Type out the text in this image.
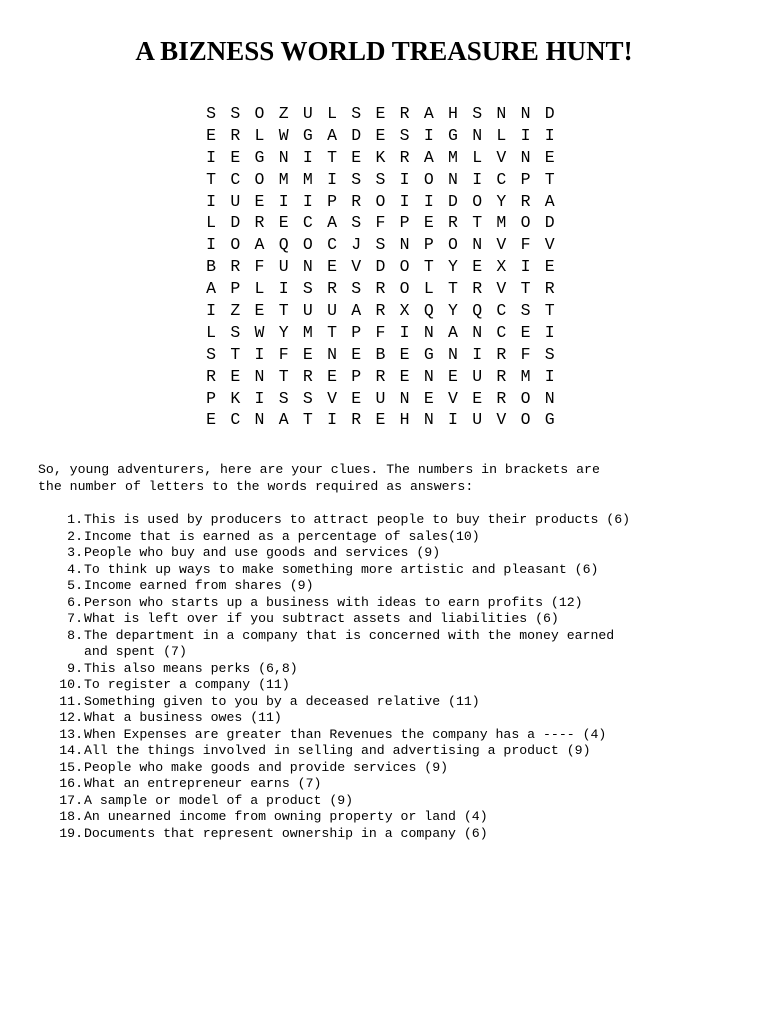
A BIZNESS WORLD TREASURE HUNT!
S S O Z U L S E R A H S N N D
E R L W G A D E S I G N L I I
I E G N I T E K R A M L V N E
T C O M M I S S I O N I C P T
I U E I I P R O I I D O Y R A
L D R E C A S F P E R T M O D
I O A Q O C J S N P O N V F V
B R F U N E V D O T Y E X I E
A P L I S R S R O L T R V T R
I Z E T U U A R X Q Y Q C S T
L S W Y M T P F I N A N C E I
S T I F E N E B E G N I R F S
R E N T R E P R E N E U R M I
P K I S S V E U N E V E R O N
E C N A T I R E H N I U V O G

So, young adventurers, here are your clues. The numbers in brackets are
the number of letters to the words required as answers:

1. This is used by producers to attract people to buy their products (6)
2. Income that is earned as a percentage of sales(10)
3. People who buy and use goods and services (9)
4. To think up ways to make something more artistic and pleasant (6)
5. Income earned from shares (9)
6. Person who starts up a business with ideas to earn profits (12)
7. What is left over if you subtract assets and liabilities (6)
8. The department in a company that is concerned with the money earned
and spent (7)
9. This also means perks (6,8)
10. To register a company (11)
11. Something given to you by a deceased relative (11)
12. What a business owes (11)
13. When Expenses are greater than Revenues the company has a ---- (4)
14. All the things involved in selling and advertising a product (9)
15. People who make goods and provide services (9)
16. What an entrepreneur earns (7)
17. A sample or model of a product (9)
18. An unearned income from owning property or land (4)
19. Documents that represent ownership in a company (6)
